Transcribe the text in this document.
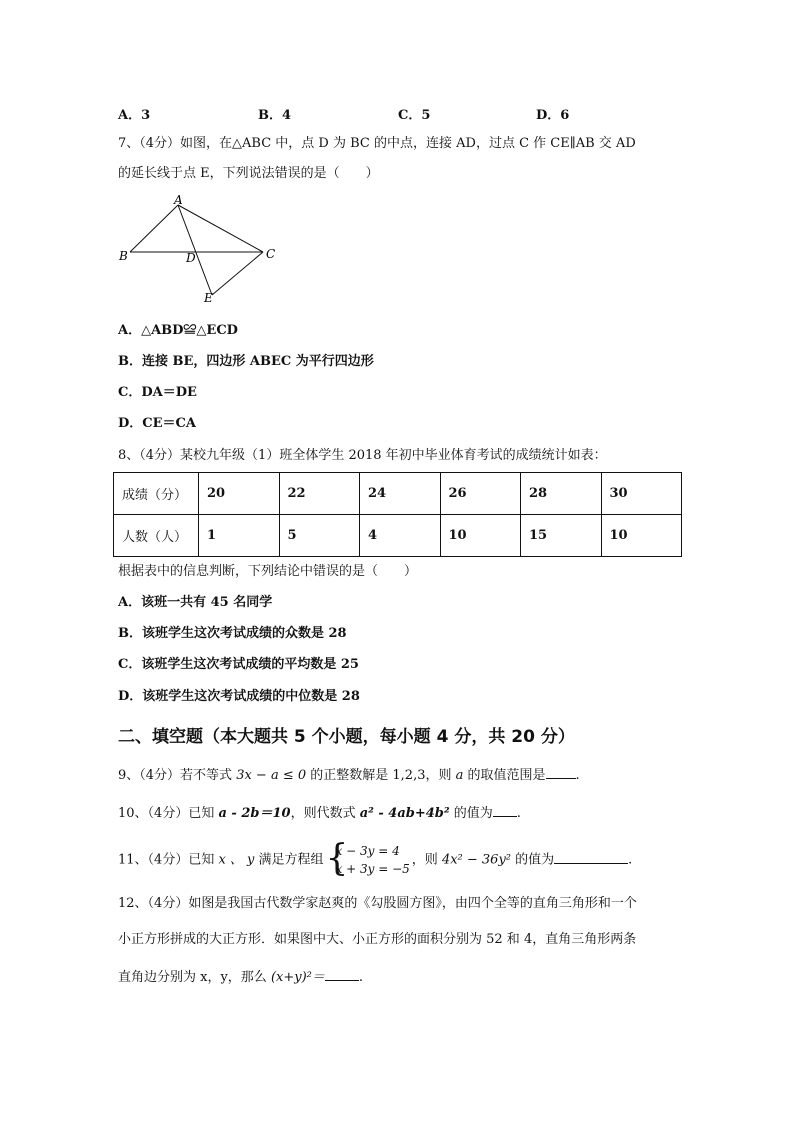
A．3	B．4	C．5	D．6
7、（4分）如图，在△ABC 中，点 D 为 BC 的中点，连接 AD，过点 C 作 CE∥AB 交 AD
的延长线于点 E，下列说法错误的是（　　）
A
B	C
D
E
A．△ABD≌△ECD
B．连接 BE，四边形 ABEC 为平行四边形
C．DA＝DE
D．CE＝CA
8、（4分）某校九年级（1）班全体学生 2018 年初中毕业体育考试的成绩统计如表：
成绩（分）	20	22	24	26	28	30
人数（人）	1	5	4	10	15	10
根据表中的信息判断，下列结论中错误的是（　　）
A．该班一共有 45 名同学
B．该班学生这次考试成绩的众数是 28
C．该班学生这次考试成绩的平均数是 25
D．该班学生这次考试成绩的中位数是 28
二、填空题（本大题共 5 个小题，每小题 4 分，共 20 分）
9、（4分）若不等式 3x − a ≤ 0 的正整数解是 1,2,3，则 a 的取值范围是 .
10、（4分）已知 a - 2b＝10，则代数式 a² - 4ab+4b² 的值为 .
11、（4分）已知 x 、 y 满足方程组 {
x − 3y = 4
x + 3y = −5
，则 4x² − 36y² 的值为	.
12、（4分）如图是我国古代数学家赵爽的《勾股圆方图》，由四个全等的直角三角形和一个
小正方形拼成的大正方形．如果图中大、小正方形的面积分别为 52 和 4，直角三角形两条
直角边分别为 x，y，那么 (x+y)²＝	.
